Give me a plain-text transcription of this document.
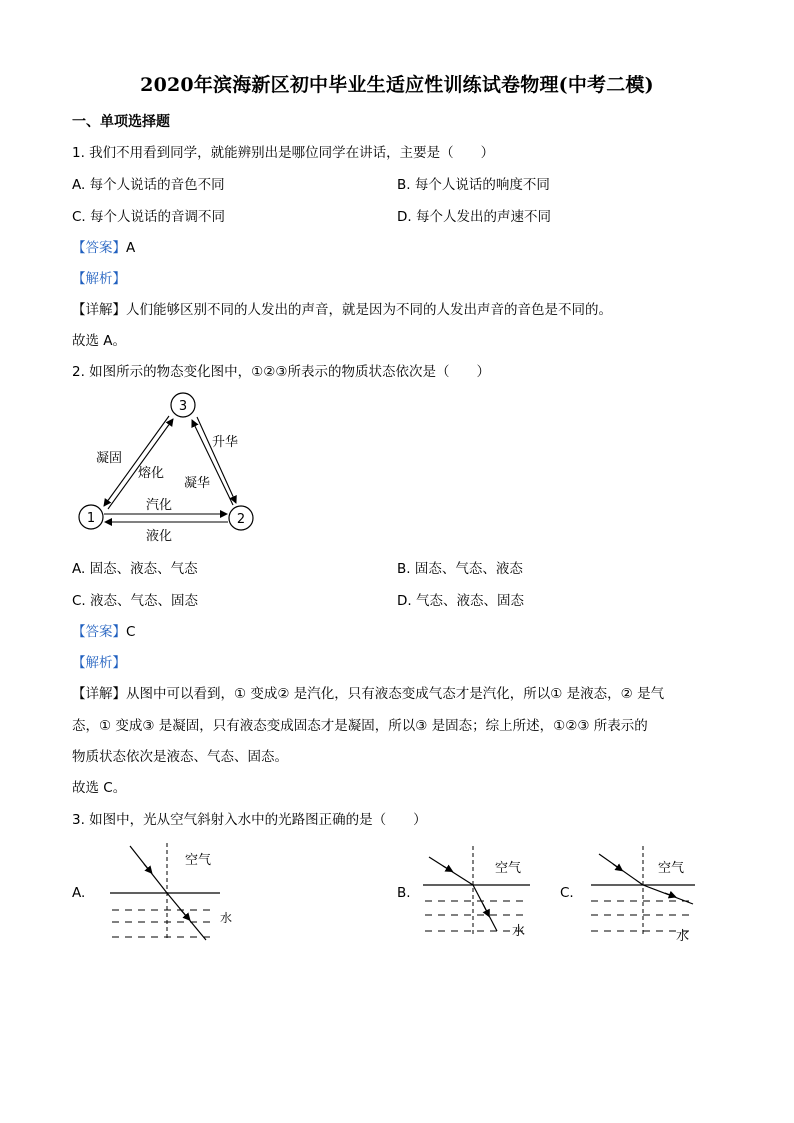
2020年滨海新区初中毕业生适应性训练试卷物理(中考二模)
一、单项选择题
1. 我们不用看到同学，就能辨别出是哪位同学在讲话，主要是（　　）
A. 每个人说话的音色不同	B. 每个人说话的响度不同
C. 每个人说话的音调不同	D. 每个人发出的声速不同
【答案】A
【解析】
【详解】人们能够区别不同的人发出的声音，就是因为不同的人发出声音的音色是不同的。
故选 A。
2. 如图所示的物态变化图中，①②③所表示的物质状态依次是（　　）
3
1	2
凝固
熔化
升华
凝华
汽化
液化
A. 固态、液态、气态	B. 固态、气态、液态
C. 液态、气态、固态	D. 气态、液态、固态
【答案】C
【解析】
【详解】从图中可以看到，① 变成② 是汽化，只有液态变成气态才是汽化，所以① 是液态，② 是气
态，① 变成③ 是凝固，只有液态变成固态才是凝固，所以③ 是固态；综上所述，①②③ 所表示的
物质状态依次是液态、气态、固态。
故选 C。
3. 如图中，光从空气斜射入水中的光路图正确的是（　　）
A.
空气
水
B.
空气
水
C.
空气
水
